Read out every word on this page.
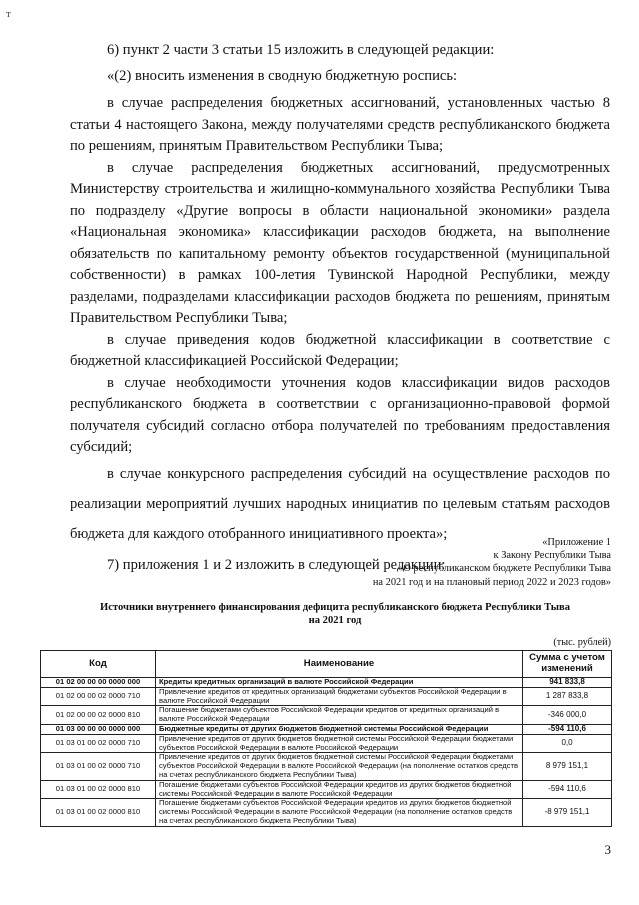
т

6) пункт 2 части 3 статьи 15 изложить в следующей редакции:

«(2) вносить изменения в сводную бюджетную роспись:

в случае распределения бюджетных ассигнований, установленных частью 8 статьи 4 настоящего Закона, между получателями средств республиканского бюджета по решениям, принятым Правительством Республики Тыва;

в случае распределения бюджетных ассигнований, предусмотренных Министерству строительства и жилищно-коммунального хозяйства Республики Тыва по подразделу «Другие вопросы в области национальной экономики» раздела «Национальная экономика» классификации расходов бюджета, на выполнение обязательств по капитальному ремонту объектов государственной (муниципальной собственности) в рамках 100-летия Тувинской Народной Республики, между разделами, подразделами классификации расходов бюджета по решениям, принятым Правительством Республики Тыва;

в случае приведения кодов бюджетной классификации в соответствие с бюджетной классификацией Российской Федерации;

в случае необходимости уточнения кодов классификации видов расходов республиканского бюджета в соответствии с организационно-правовой формой получателя субсидий согласно отбора получателей по требованиям предоставления субсидий;

в случае конкурсного распределения субсидий на осуществление расходов по реализации мероприятий лучших народных инициатив по целевым статьям расходов бюджета для каждого отобранного инициативного проекта»;

7) приложения 1 и 2 изложить в следующей редакции:

«Приложение 1
к Закону Республики Тыва
«О республиканском бюджете Республики Тыва
на 2021 год и на плановый период 2022 и 2023 годов»
Источники внутреннего финансирования дефицита республиканского бюджета Республики Тыва
на 2021 год
(тыс. рублей)
Код	Наименование	Сумма с учетом изменений
01 02 00 00 00 0000 000	Кредиты кредитных организаций в валюте Российской Федерации	941 833,8
01 02 00 00 02 0000 710	Привлечение кредитов от кредитных организаций бюджетами субъектов Российской Федерации в валюте Российской Федерации	1 287 833,8
01 02 00 00 02 0000 810	Погашение бюджетами субъектов Российской Федерации кредитов от кредитных организаций в валюте Российской Федерации	-346 000,0
01 03 00 00 00 0000 000	Бюджетные кредиты от других бюджетов бюджетной системы Российской Федерации	-594 110,6
01 03 01 00 02 0000 710	Привлечение кредитов от других бюджетов бюджетной системы Российской Федерации бюджетами субъектов Российской Федерации в валюте Российской Федерации	0,0
01 03 01 00 02 0000 710	Привлечение кредитов от других бюджетов бюджетной системы Российской Федерации бюджетами субъектов Российской Федерации в валюте Российской Федерации (на пополнение остатков средств на счетах республиканского бюджета Республики Тыва)	8 979 151,1
01 03 01 00 02 0000 810	Погашение бюджетами субъектов Российской Федерации кредитов из других бюджетов бюджетной системы Российской Федерации в валюте Российской Федерации	-594 110,6
01 03 01 00 02 0000 810	Погашение бюджетами субъектов Российской Федерации кредитов из других бюджетов бюджетной системы Российской Федерации в валюте Российской Федерации (на пополнение остатков средств на счетах республиканского бюджета Республики Тыва)	-8 979 151,1
3
